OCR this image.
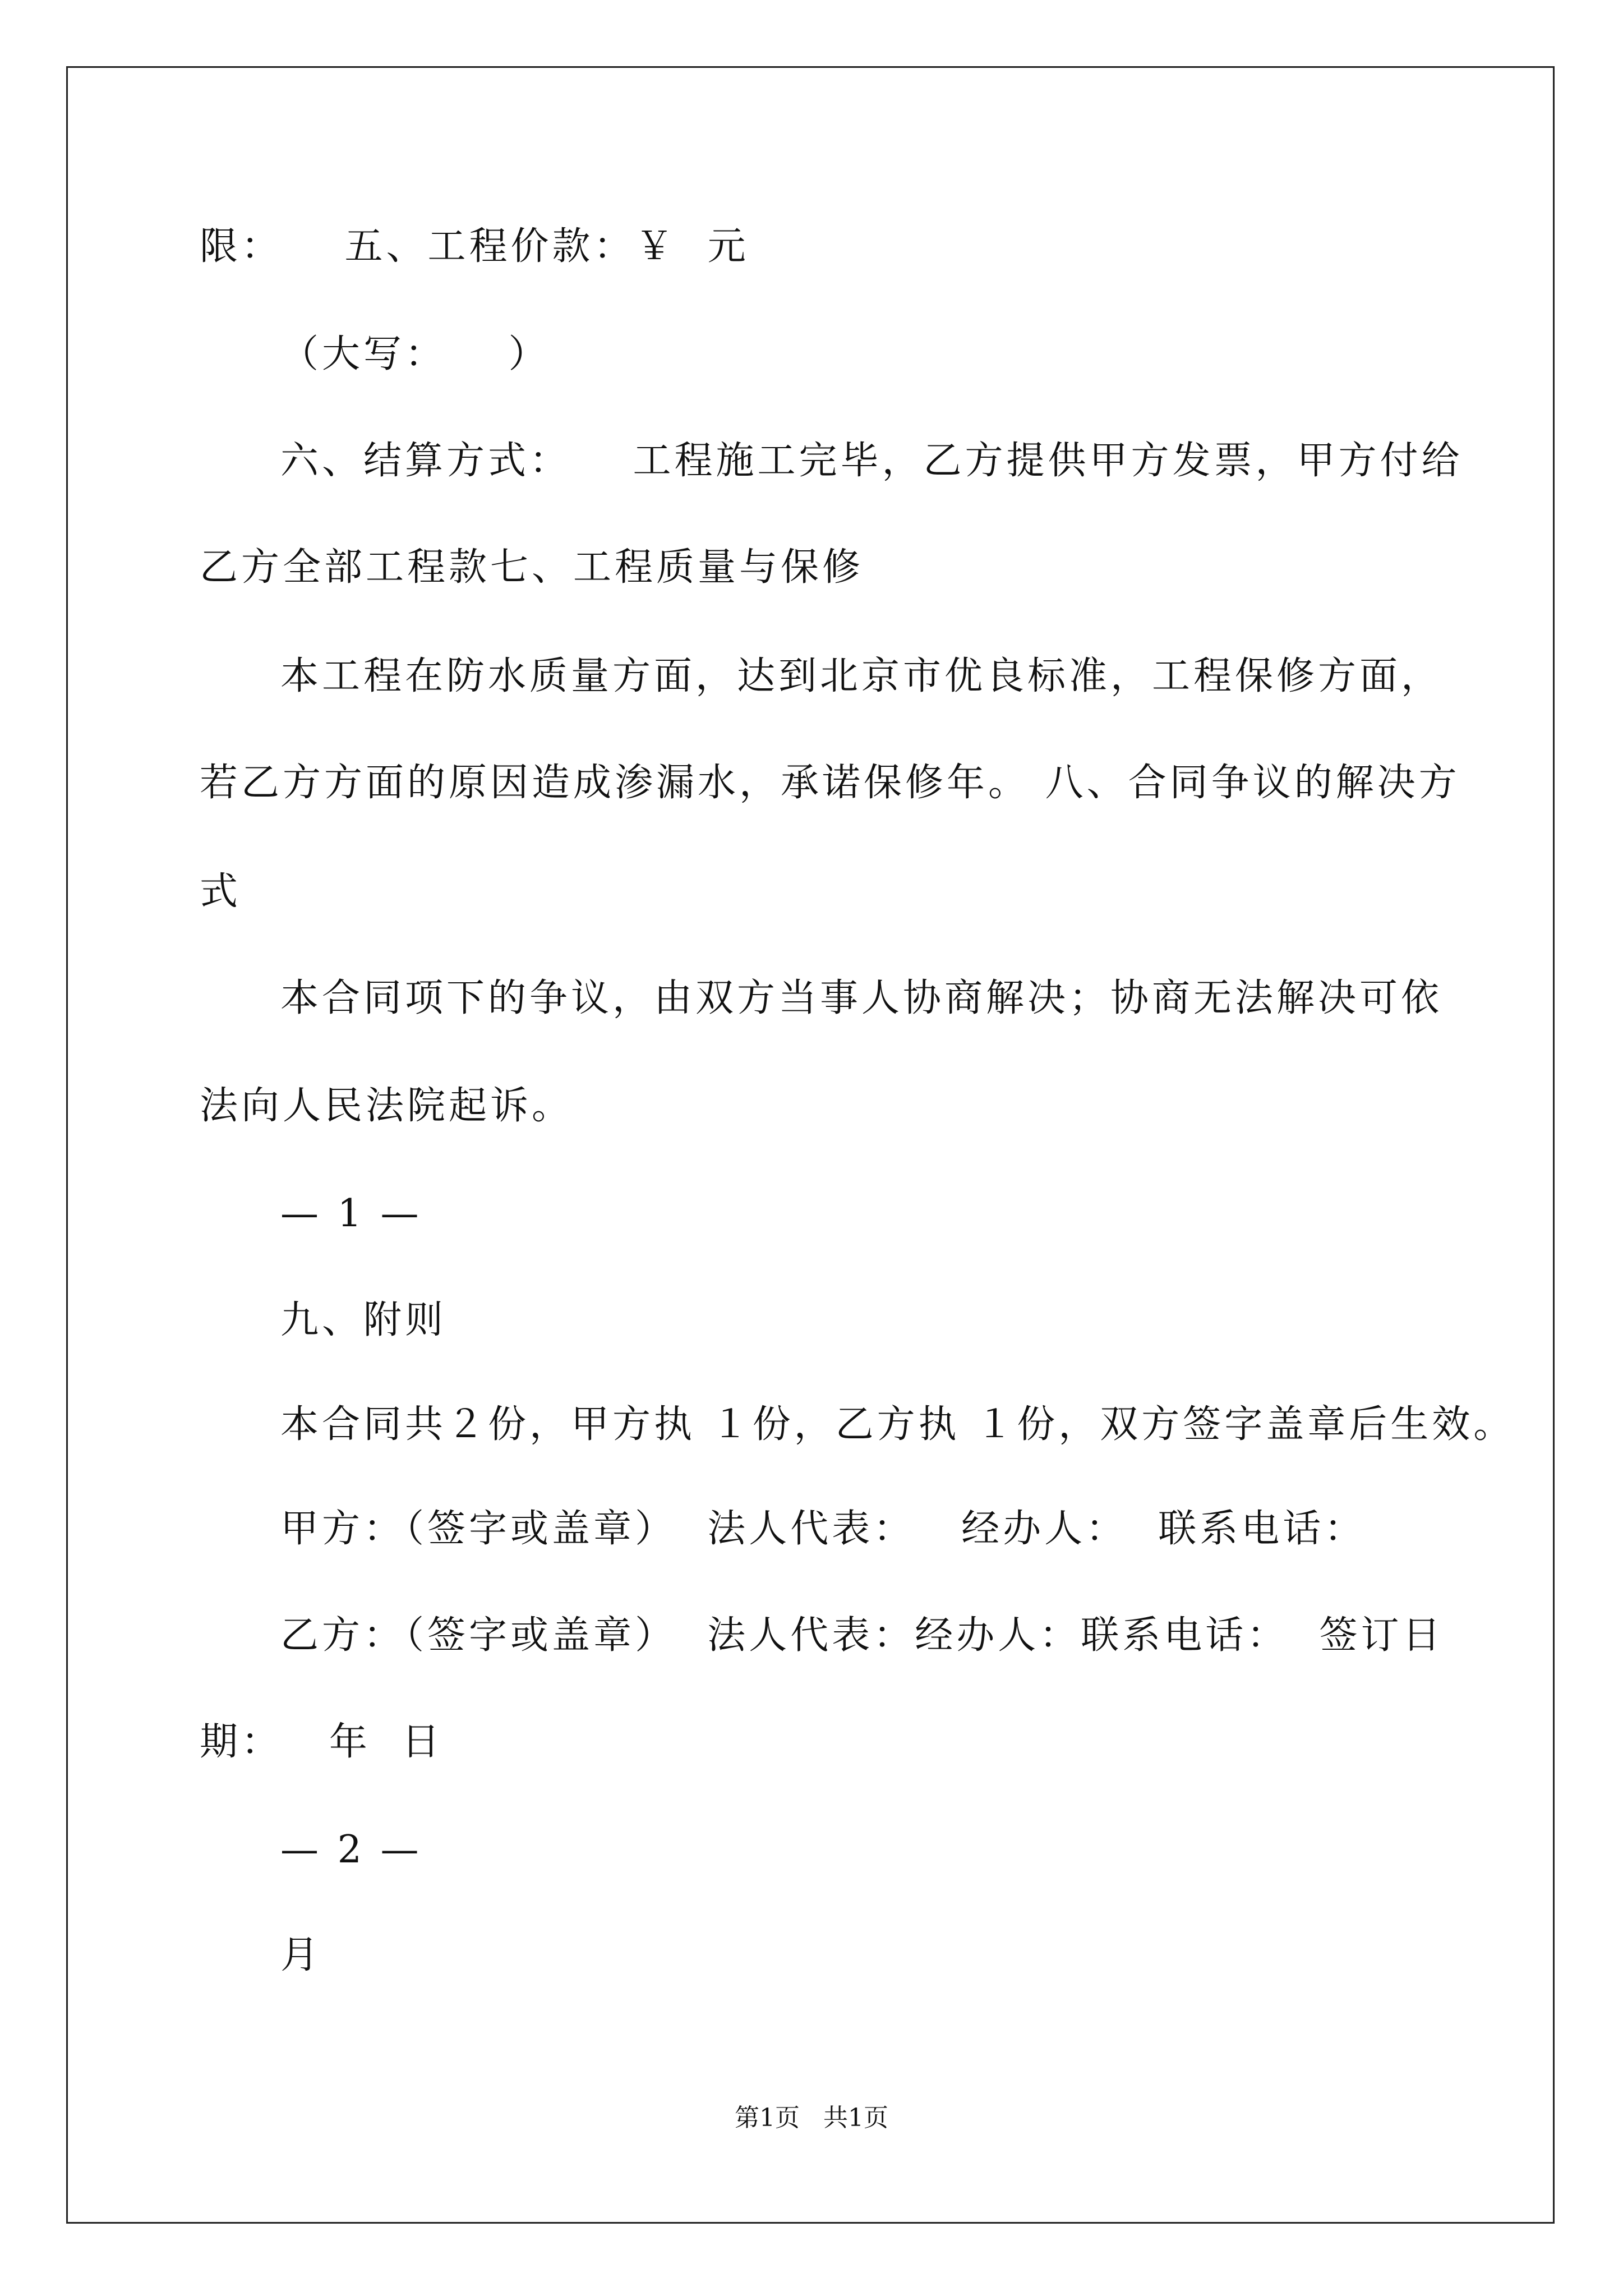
限：    五、工程价款：￥  元
（大写：    ）
六、结算方式：    工程施工完毕，乙方提供甲方发票，甲方付给
乙方全部工程款七、工程质量与保修
本工程在防水质量方面，达到北京市优良标准，工程保修方面，
若乙方方面的原因造成渗漏水，承诺保修年。 八、合同争议的解决方
式
本合同项下的争议，由双方当事人协商解决；协商无法解决可依
法向人民法院起诉。
— 1 —
九、附则
本合同共２份，甲方执 １份，乙方执 １份，双方签字盖章后生效。
甲方：（签字或盖章）  法人代表：   经办人：  联系电话：
乙方：（签字或盖章）  法人代表：经办人：联系电话：  签订日
期：   年  日
— 2 —
月
第1页   共1页
